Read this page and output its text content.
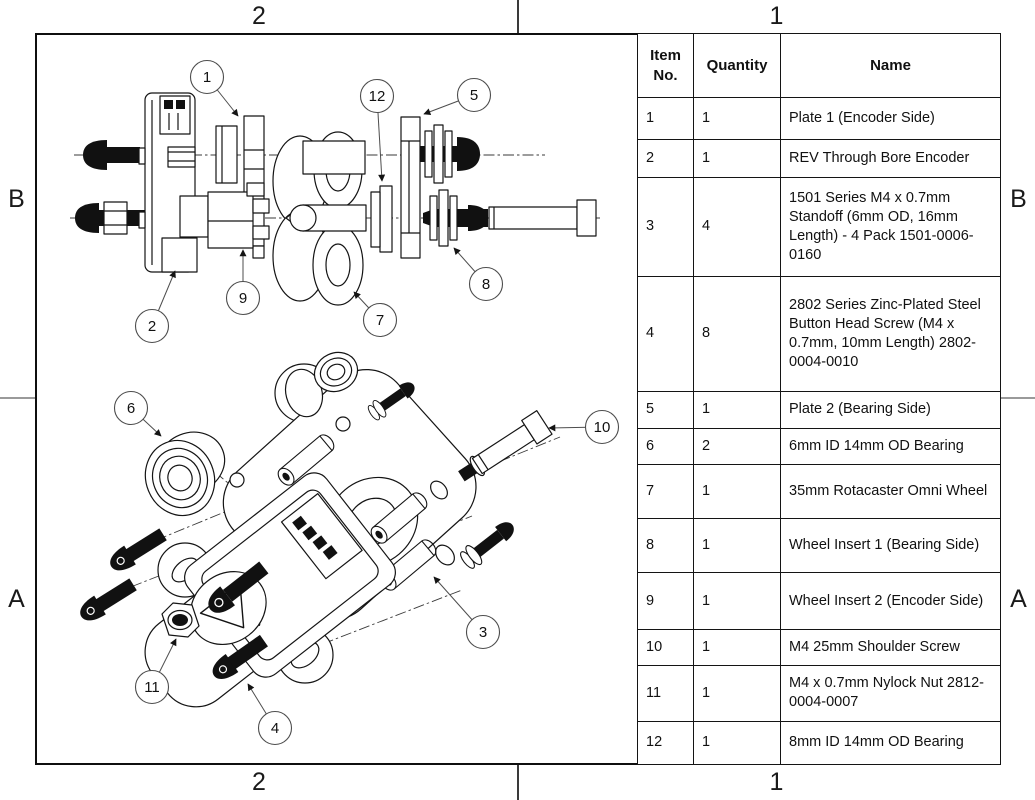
2	1
2	1
B
A
B
A
1
12	5
2
9
7
8
6
10
3
11
4
Item No.	Quantity	Name
1	1	Plate 1 (Encoder Side)
2	1	REV Through Bore Encoder
3	4	1501 Series M4 x 0.7mm Standoff (6mm OD, 16mm Length) - 4 Pack 1501-0006-0160
4	8	2802 Series Zinc-Plated Steel Button Head Screw (M4 x 0.7mm, 10mm Length) 2802-0004-0010
5	1	Plate 2 (Bearing Side)
6	2	6mm ID 14mm OD Bearing
7	1	35mm Rotacaster Omni Wheel
8	1	Wheel Insert 1 (Bearing Side)
9	1	Wheel Insert 2 (Encoder Side)
10	1	M4 25mm Shoulder Screw
11	1	M4 x 0.7mm Nylock Nut 2812-0004-0007
12	1	8mm ID 14mm OD Bearing
